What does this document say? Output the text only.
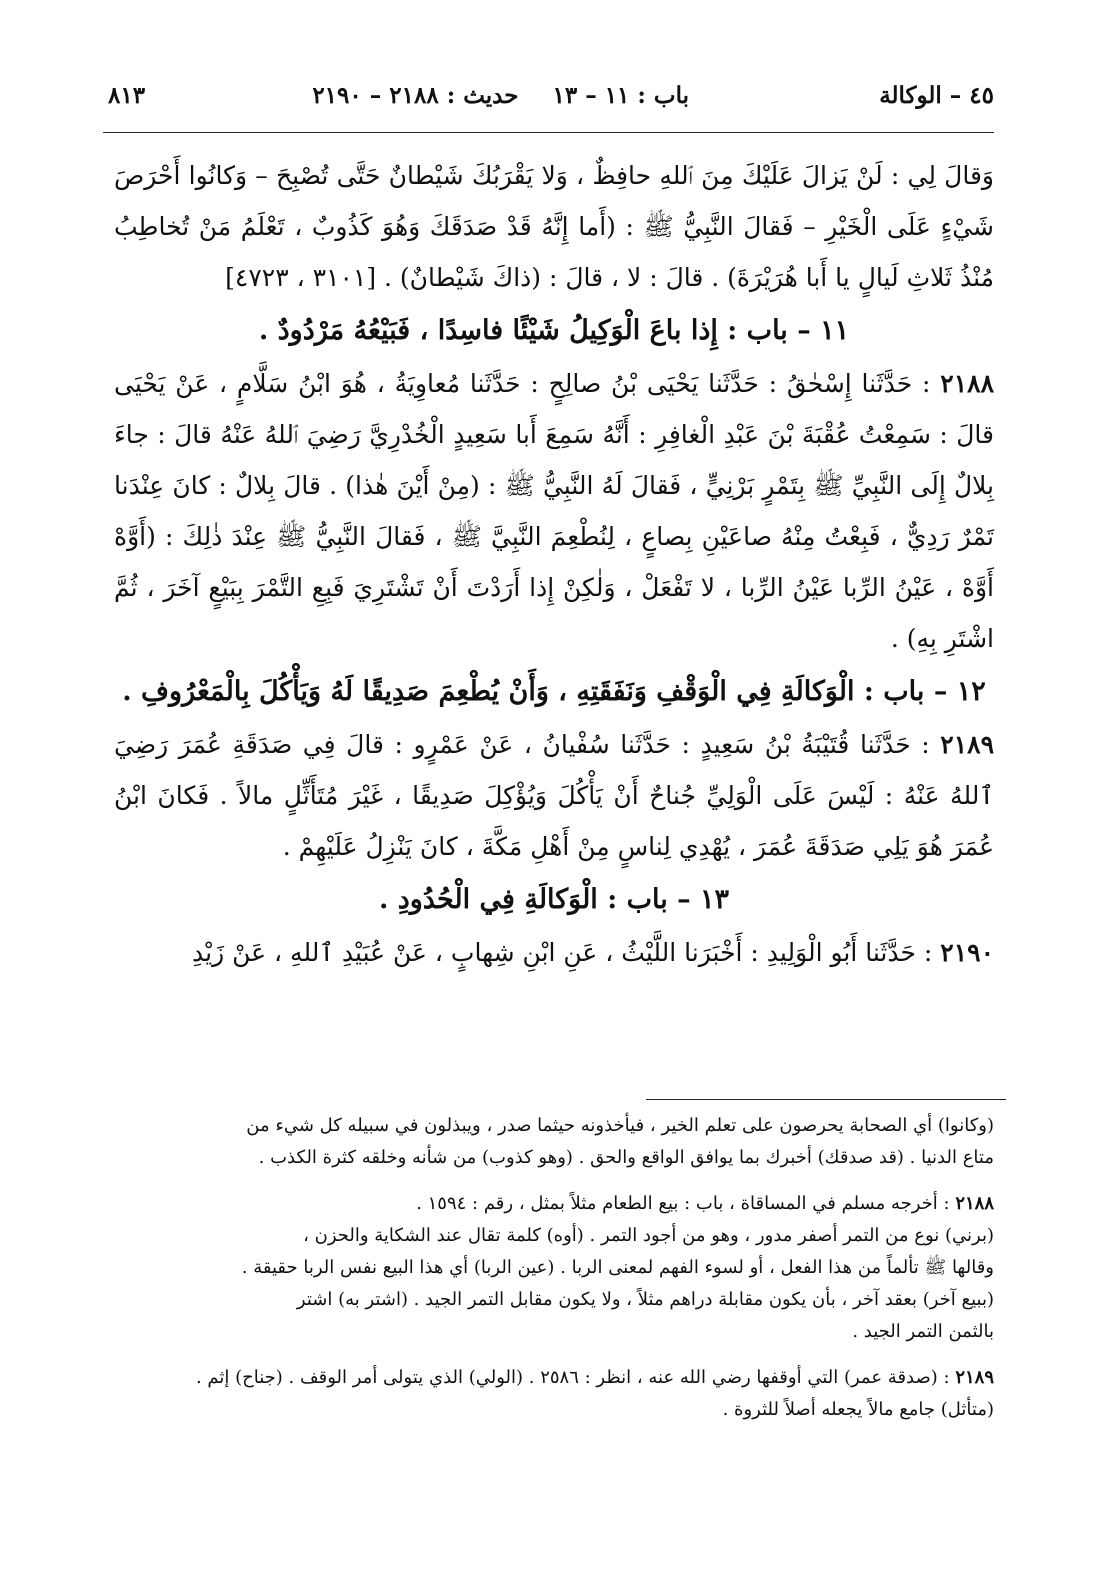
٤٥ – الوكالة
باب : ١١ – ١٣حديث : ٢١٨٨ – ٢١٩٠
٨١٣

وَقالَ لِي : لَنْ يَزالَ عَلَيْكَ مِنَ ٱللهِ حافِظٌ ، وَلا يَقْرَبُكَ شَيْطانٌ حَتَّى تُصْبِحَ – وَكانُوا أَحْرَصَ شَيْءٍ عَلَى الْخَيْرِ – فَقالَ النَّبِيُّ ﷺ : (أَما إِنَّهُ قَدْ صَدَقَكَ وَهُوَ كَذُوبٌ ، تَعْلَمُ مَنْ تُخاطِبُ مُنْذُ ثَلاثِ لَيالٍ يا أَبا هُرَيْرَةَ) . قالَ : لا ، قالَ : (ذاكَ شَيْطانٌ) . [٣١٠١ ، ٤٧٢٣]

١١ – باب : إِذا باعَ الْوَكِيلُ شَيْئًا فاسِدًا ، فَبَيْعُهُ مَرْدُودٌ .

٢١٨٨ : حَدَّثَنا إِسْحٰقُ : حَدَّثَنا يَحْيَى بْنُ صالِحٍ : حَدَّثَنا مُعاوِيَةُ ، هُوَ ابْنُ سَلَّامٍ ، عَنْ يَحْيَى قالَ : سَمِعْتُ عُقْبَةَ بْنَ عَبْدِ الْغافِرِ : أَنَّهُ سَمِعَ أَبا سَعِيدٍ الْخُدْرِيَّ رَضِيَ ٱللهُ عَنْهُ قالَ : جاءَ بِلالٌ إِلَى النَّبِيِّ ﷺ بِتَمْرٍ بَرْنِيٍّ ، فَقالَ لَهُ النَّبِيُّ ﷺ : (مِنْ أَيْنَ هٰذا) . قالَ بِلالٌ : كانَ عِنْدَنا تَمْرٌ رَدِيٌّ ، فَبِعْتُ مِنْهُ صاعَيْنِ بِصاعٍ ، لِنُطْعِمَ النَّبِيَّ ﷺ ، فَقالَ النَّبِيُّ ﷺ عِنْدَ ذٰلِكَ : (أَوَّهْ أَوَّهْ ، عَيْنُ الرِّبا عَيْنُ الرِّبا ، لا تَفْعَلْ ، وَلٰكِنْ إِذا أَرَدْتَ أَنْ تَشْتَرِيَ فَبِعِ التَّمْرَ بِبَيْعٍ آخَرَ ، ثُمَّ اشْتَرِ بِهِ) .

١٢ – باب : الْوَكالَةِ فِي الْوَقْفِ وَنَفَقَتِهِ ، وَأَنْ يُطْعِمَ صَدِيقًا لَهُ وَيَأْكُلَ بِالْمَعْرُوفِ .

٢١٨٩ : حَدَّثَنا قُتَيْبَةُ بْنُ سَعِيدٍ : حَدَّثَنا سُفْيانُ ، عَنْ عَمْرٍو : قالَ فِي صَدَقَةِ عُمَرَ رَضِيَ ٱللهُ عَنْهُ : لَيْسَ عَلَى الْوَلِيِّ جُناحٌ أَنْ يَأْكُلَ وَيُؤْكِلَ صَدِيقًا ، غَيْرَ مُتَأَثِّلٍ مالاً . فَكانَ ابْنُ عُمَرَ هُوَ يَلِي صَدَقَةَ عُمَرَ ، يُهْدِي لِناسٍ مِنْ أَهْلِ مَكَّةَ ، كانَ يَنْزِلُ عَلَيْهِمْ .

١٣ – باب : الْوَكالَةِ فِي الْحُدُودِ .

٢١٩٠ : حَدَّثَنا أَبُو الْوَلِيدِ : أَخْبَرَنا اللَّيْثُ ، عَنِ ابْنِ شِهابٍ ، عَنْ عُبَيْدِ ٱللهِ ، عَنْ زَيْدِ

(وكانوا) أي الصحابة يحرصون على تعلم الخير ، فيأخذونه حيثما صدر ، ويبذلون في سبيله كل شيء من

متاع الدنيا . (قد صدقك) أخبرك بما يوافق الواقع والحق . (وهو كذوب) من شأنه وخلقه كثرة الكذب .

٢١٨٨ : أخرجه مسلم في المساقاة ، باب : بيع الطعام مثلاً بمثل ، رقم : ١٥٩٤ .

(برني) نوع من التمر أصفر مدور ، وهو من أجود التمر . (أوه) كلمة تقال عند الشكاية والحزن ،

وقالها ﷺ تألماً من هذا الفعل ، أو لسوء الفهم لمعنى الربا . (عين الربا) أي هذا البيع نفس الربا حقيقة .

(ببيع آخر) بعقد آخر ، بأن يكون مقابلة دراهم مثلاً ، ولا يكون مقابل التمر الجيد . (اشتر به) اشتر

بالثمن التمر الجيد .

٢١٨٩ : (صدقة عمر) التي أوقفها رضي الله عنه ، انظر : ٢٥٨٦ . (الولي) الذي يتولى أمر الوقف . (جناح) إثم .

(متأثل) جامع مالاً يجعله أصلاً للثروة .
